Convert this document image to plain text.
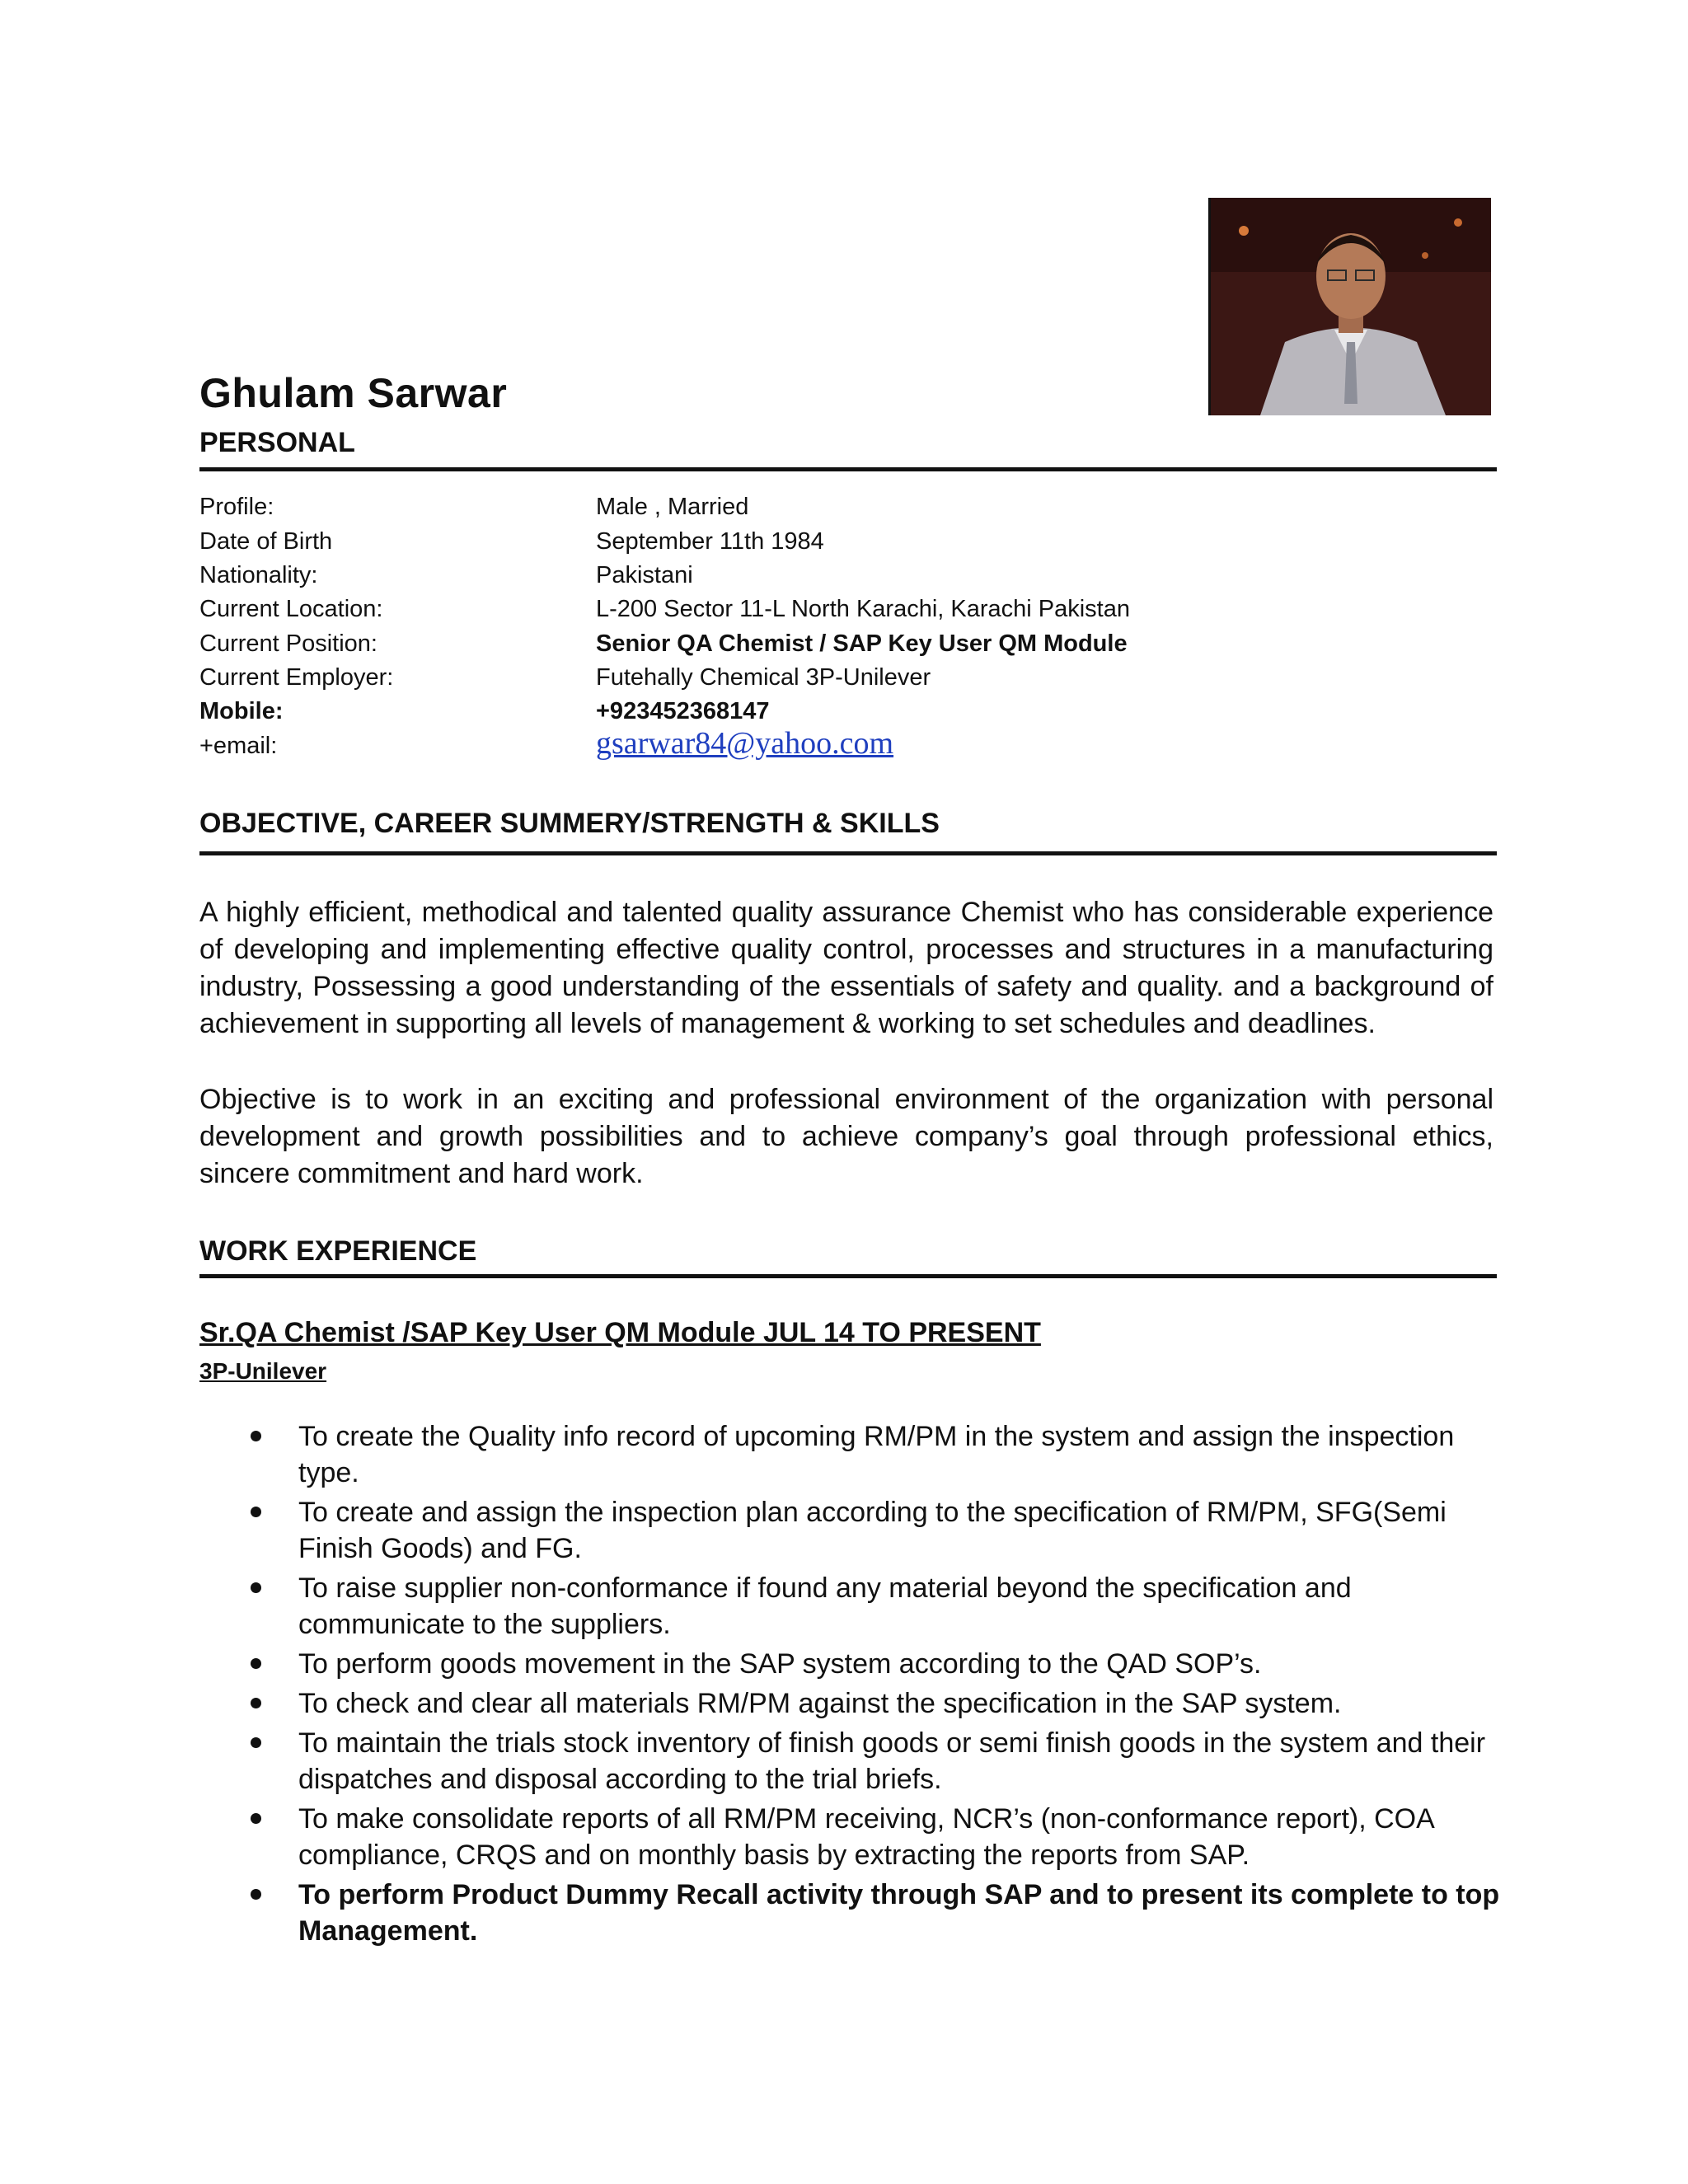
Ghulam Sarwar
PERSONAL
Profile:	Male , Married
Date of Birth	September 11th 1984
Nationality:	Pakistani
Current Location:	L-200 Sector 11-L North Karachi, Karachi Pakistan
Current Position:	Senior QA Chemist / SAP Key User QM Module
Current Employer:	Futehally Chemical 3P-Unilever
Mobile:	+923452368147
+email:	gsarwar84@yahoo.com
OBJECTIVE, CAREER SUMMERY/STRENGTH & SKILLS

A highly efficient, methodical and talented quality assurance Chemist who has considerable experience of developing and implementing effective quality control, processes and structures in a manufacturing industry, Possessing a good understanding of the essentials of safety and quality. and a background of achievement in supporting all levels of management & working to set schedules and deadlines.

Objective is to work in an exciting and professional environment of the organization with personal development and growth possibilities and to achieve company’s goal through professional ethics, sincere commitment and hard work.

WORK EXPERIENCE
Sr.QA Chemist /SAP Key User QM Module JUL 14 TO PRESENT
3P-Unilever
To create the Quality info record of upcoming RM/PM in the system and assign the inspection type.
To create and assign the inspection plan according to the specification of RM/PM, SFG(Semi Finish Goods) and FG.
To raise supplier non-conformance if found any material beyond the specification and communicate to the suppliers.
To perform goods movement in the SAP system according to the QAD SOP’s.
To check and clear all materials RM/PM against the specification in the SAP system.
To maintain the trials stock inventory of finish goods or semi finish goods in the system and their dispatches and disposal according to the trial briefs.
To make consolidate reports of all RM/PM receiving, NCR’s (non-conformance report), COA compliance, CRQS and on monthly basis by extracting the reports from SAP.
To perform Product Dummy Recall activity through SAP and to present its complete to top Management.
